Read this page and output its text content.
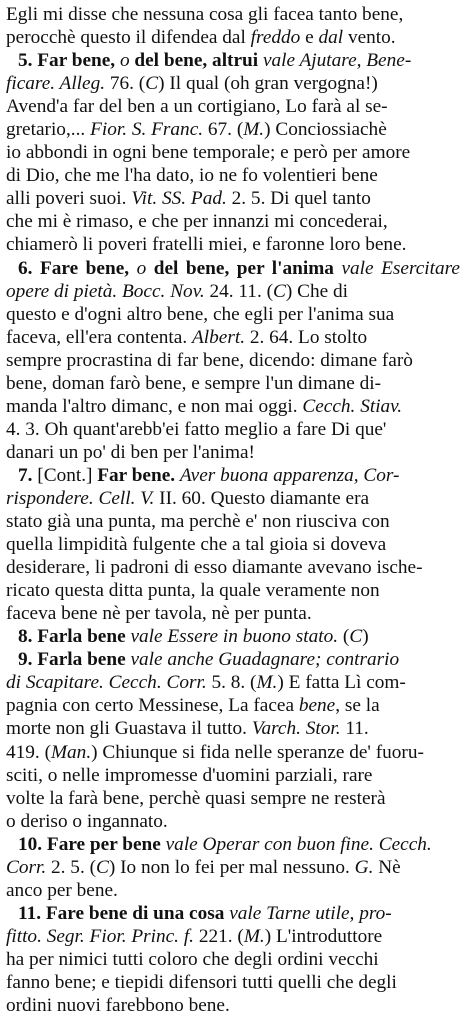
Egli mi disse che nessuna cosa gli facea tanto bene,
perocchè questo il difendea dal freddo e dal vento.

5. Far bene, o del bene, altrui vale Ajutare, Bene-
ficare. Alleg. 76. (C) Il qual (oh gran vergogna!)
Avend'a far del ben a un cortigiano, Lo farà al se-
gretario,... Fior. S. Franc. 67. (M.) Conciossiachè
io abbondi in ogni bene temporale; e però per amore
di Dio, che me l'ha dato, io ne fo volentieri bene
alli poveri suoi. Vit. SS. Pad. 2. 5. Di quel tanto
che mi è rimaso, e che per innanzi mi concederai,
chiamerò li poveri fratelli miei, e faronne loro bene.

6. Fare bene, o del bene, per l'anima vale Esercitare opere di pietà. Bocc. Nov. 24. 11. (C) Che di
questo e d'ogni altro bene, che egli per l'anima sua
faceva, ell'era contenta. Albert. 2. 64. Lo stolto
sempre procrastina di far bene, dicendo: dimane farò
bene, doman farò bene, e sempre l'un dimane di-
manda l'altro dimanc, e non mai oggi. Cecch. Stiav.
4. 3. Oh quant'arebb'ei fatto meglio a fare Di que'
danari un po' di ben per l'anima!

7. [Cont.] Far bene. Aver buona apparenza, Cor-
rispondere. Cell. V. II. 60. Questo diamante era
stato già una punta, ma perchè e' non riusciva con
quella limpidità fulgente che a tal gioia si doveva
desiderare, li padroni di esso diamante avevano ische-
ricato questa ditta punta, la quale veramente non
faceva bene nè per tavola, nè per punta.

8. Farla bene vale Essere in buono stato. (C)

9. Farla bene vale anche Guadagnare; contrario
di Scapitare. Cecch. Corr. 5. 8. (M.) E fatta Lì com-
pagnia con certo Messinese, La facea bene, se la
morte non gli Guastava il tutto. Varch. Stor. 11.
419. (Man.) Chiunque si fida nelle speranze de' fuoru-
sciti, o nelle impromesse d'uomini parziali, rare
volte la farà bene, perchè quasi sempre ne resterà
o deriso o ingannato.

10. Fare per bene vale Operar con buon fine. Cecch.
Corr. 2. 5. (C) Io non lo fei per mal nessuno. G. Nè
anco per bene.

11. Fare bene di una cosa vale Tarne utile, pro-
fitto. Segr. Fior. Princ. f. 221. (M.) L'introduttore
ha per nimici tutti coloro che degli ordini vecchi
fanno bene; e tiepidi difensori tutti quelli che degli
ordini nuovi farebbono bene.
